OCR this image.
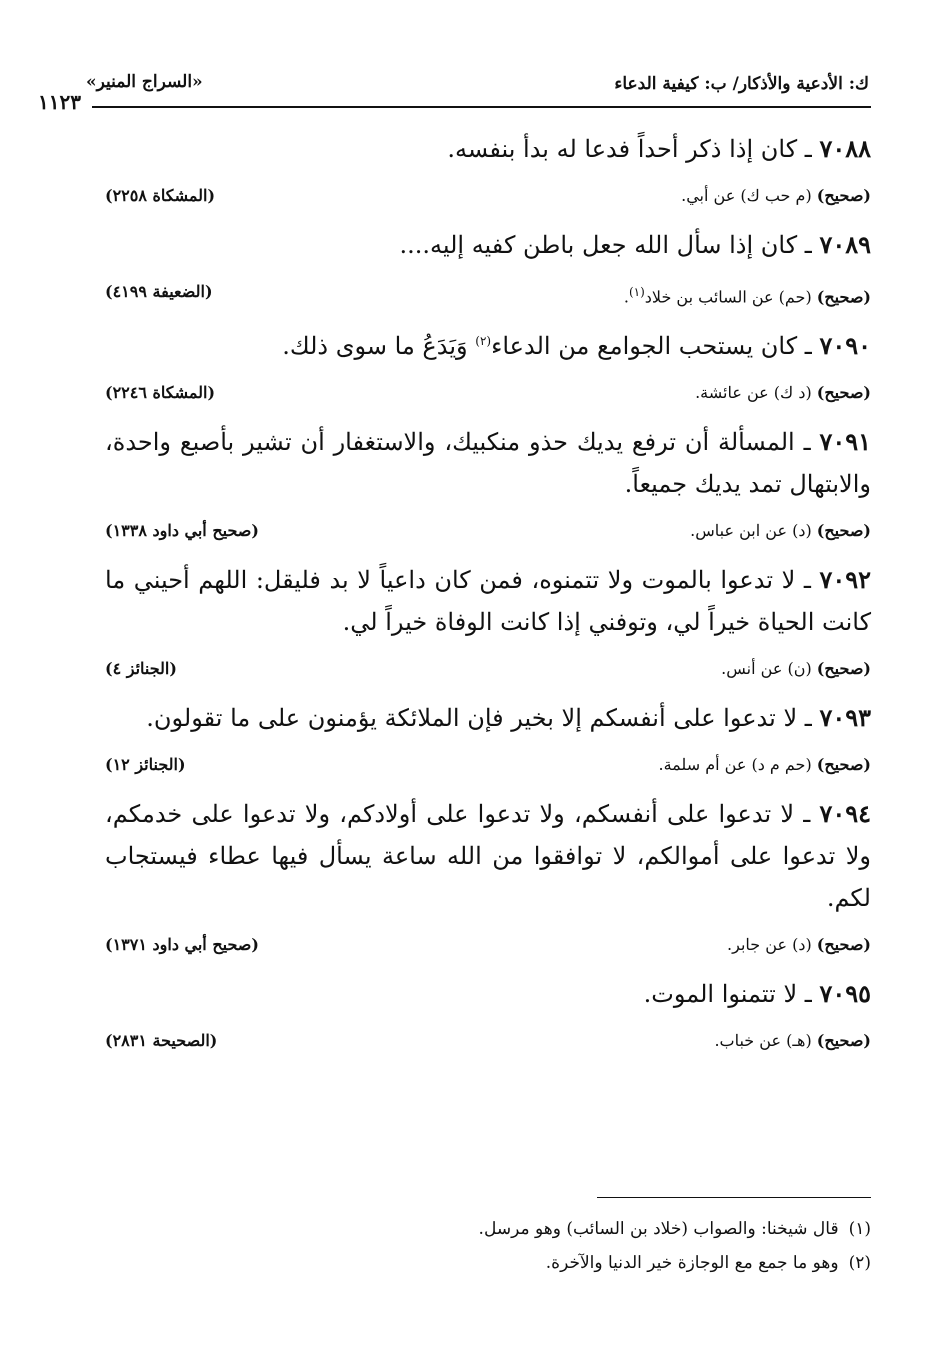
ك: الأدعية والأذكار/ ب: كيفية الدعاء
«السراج المنير»
١١٢٣

٧٠٨٨ ـ كان إذا ذكر أحداً فدعا له بدأ بنفسه.

(صحيح) (م حب ك) عن أبي.
(المشكاة ٢٢٥٨)

٧٠٨٩ ـ كان إذا سأل الله جعل باطن كفيه إليه....

(صحيح) (حم) عن السائب بن خلاد$^{(١)}$.
(الضعيفة ٤١٩٩)

٧٠٩٠ ـ كان يستحب الجوامع من الدعاء$^{(٢)}$ وَيَدَعُ ما سوى ذلك.

(صحيح) (د ك) عن عائشة.
(المشكاة ٢٢٤٦)

٧٠٩١ ـ المسألة أن ترفع يديك حذو منكبيك، والاستغفار أن تشير بأصبع واحدة، والابتهال تمد يديك جميعاً.

(صحيح) (د) عن ابن عباس.
(صحيح أبي داود ١٣٣٨)

٧٠٩٢ ـ لا تدعوا بالموت ولا تتمنوه، فمن كان داعياً لا بد فليقل: اللهم أحيني ما كانت الحياة خيراً لي، وتوفني إذا كانت الوفاة خيراً لي.

(صحيح) (ن) عن أنس.
(الجنائز ٤)

٧٠٩٣ ـ لا تدعوا على أنفسكم إلا بخير فإن الملائكة يؤمنون على ما تقولون.

(صحيح) (حم م د) عن أم سلمة.
(الجنائز ١٢)

٧٠٩٤ ـ لا تدعوا على أنفسكم، ولا تدعوا على أولادكم، ولا تدعوا على خدمكم، ولا تدعوا على أموالكم، لا توافقوا من الله ساعة يسأل فيها عطاء فيستجاب لكم.

(صحيح) (د) عن جابر.
(صحيح أبي داود ١٣٧١)

٧٠٩٥ ـ لا تتمنوا الموت.

(صحيح) (هـ) عن خباب.
(الصحيحة ٢٨٣١)
(١)قال شيخنا: والصواب (خلاد بن السائب) وهو مرسل.
(٢)وهو ما جمع مع الوجازة خير الدنيا والآخرة.
